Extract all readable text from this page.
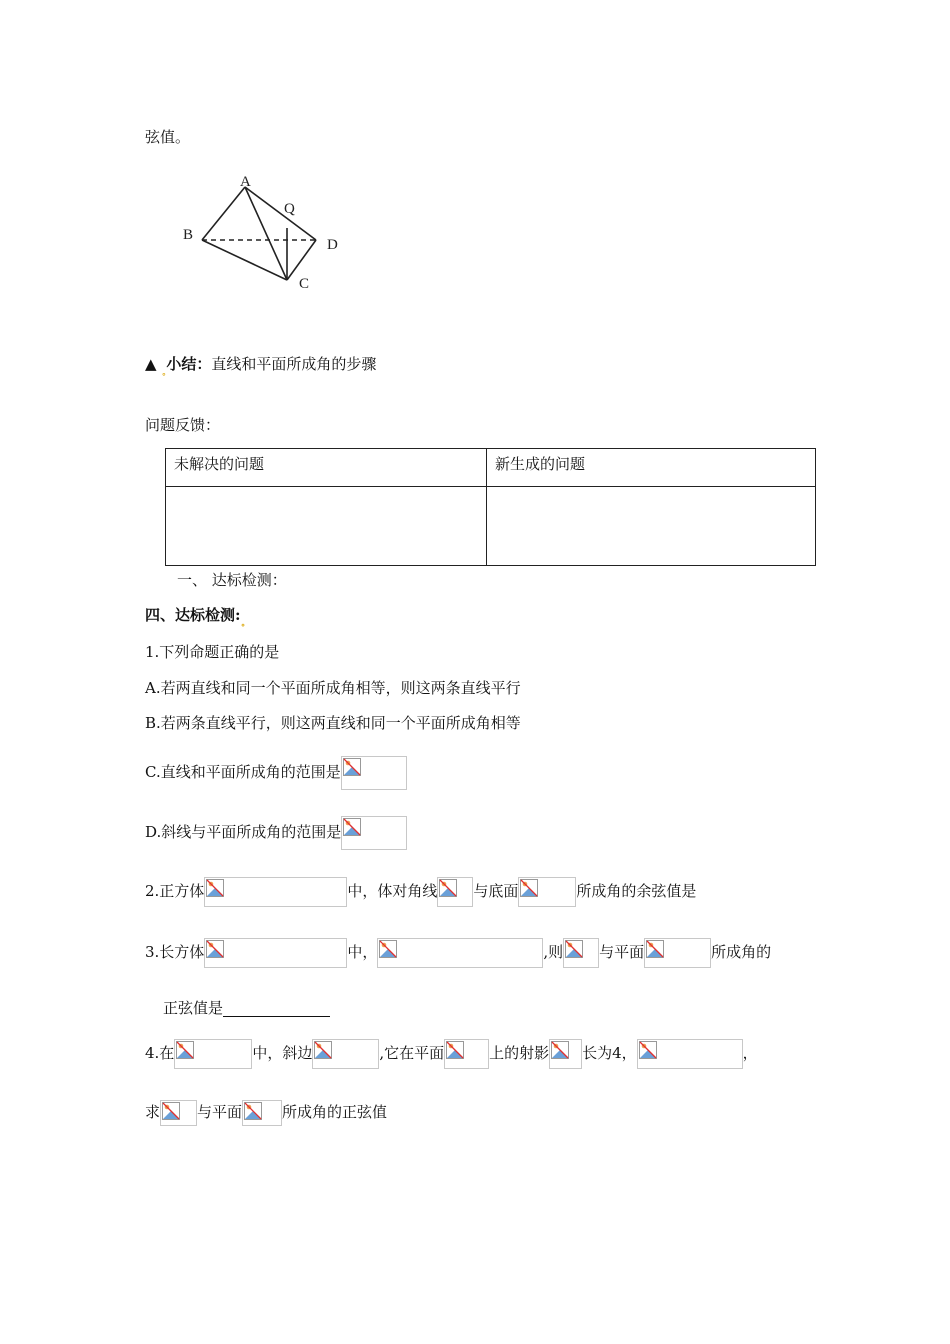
弦值。
A
Q
B
D
C
▲ $_˳$小结：直线和平面所成角的步骤
问题反馈：
未解决的问题	新生成的问题

一、 达标检测：
四、达标检测$:_˳$
1.下列命题正确的是
A.若两直线和同一个平面所成角相等，则这两条直线平行
B.若两条直线平行，则这两直线和同一个平面所成角相等
C.直线和平面所成角的范围是
D.斜线与平面所成角的范围是
2.正方体	中，体对角线 与底面	所成角的余弦值是
3.长方体	中，	,则 与平面	所成角的
正弦值是
4.在	中，斜边	,它在平面	上的射影 长为4，	，
求 与平面	所成角的正弦值
